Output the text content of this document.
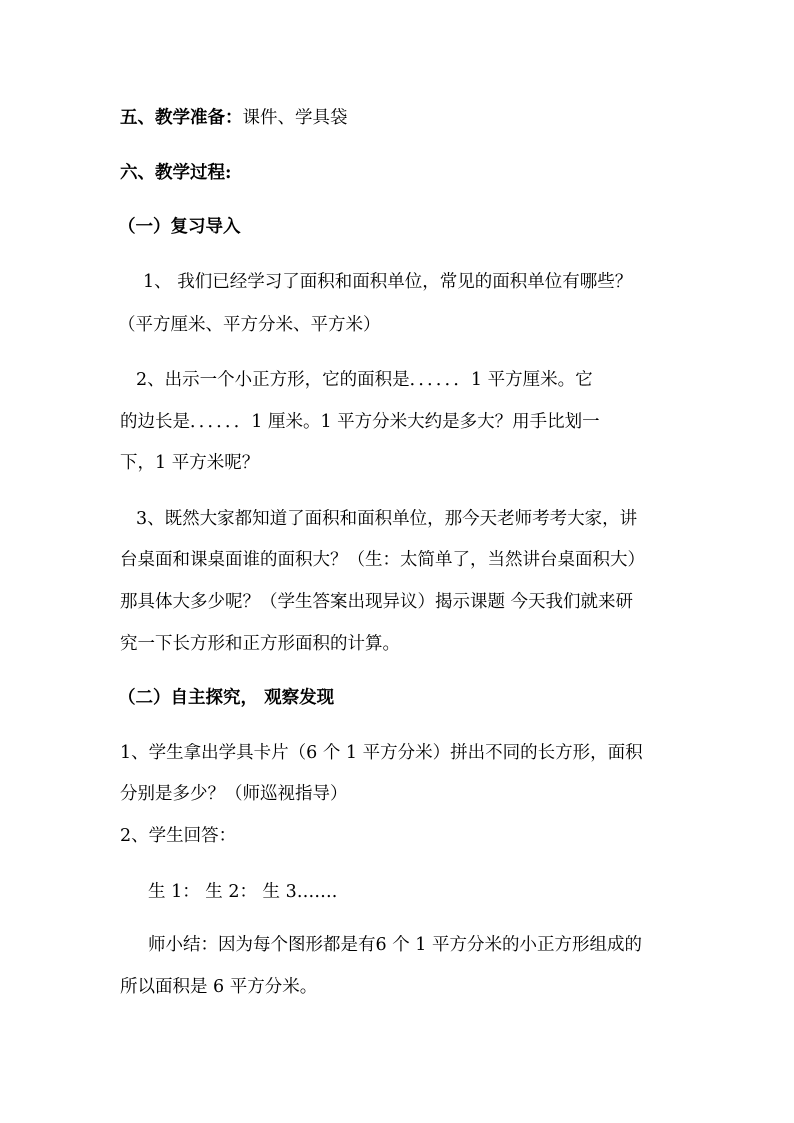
五、教学准备：课件、学具袋
六、教学过程:
（一）复习导入
1、 我们已经学习了面积和面积单位，常见的面积单位有哪些？
（平方厘米、平方分米、平方米）
2、出示一个小正方形，它的面积是．．．．．．1 平方厘米。它
的边长是．．．．．．1 厘米。1 平方分米大约是多大？用手比划一
下，1 平方米呢？
3、既然大家都知道了面积和面积单位，那今天老师考考大家，讲
台桌面和课桌面谁的面积大？（生：太简单了，当然讲台桌面积大）
那具体大多少呢？（学生答案出现异议）揭示课题 今天我们就来研
究一下长方形和正方形面积的计算。
（二）自主探究， 观察发现
1、学生拿出学具卡片（6 个 1 平方分米）拼出不同的长方形，面积
分别是多少？（师巡视指导）
2、学生回答：
生 1： 生 2： 生 3…….
师小结：因为每个图形都是有6 个 1 平方分米的小正方形组成的
所以面积是 6 平方分米。
